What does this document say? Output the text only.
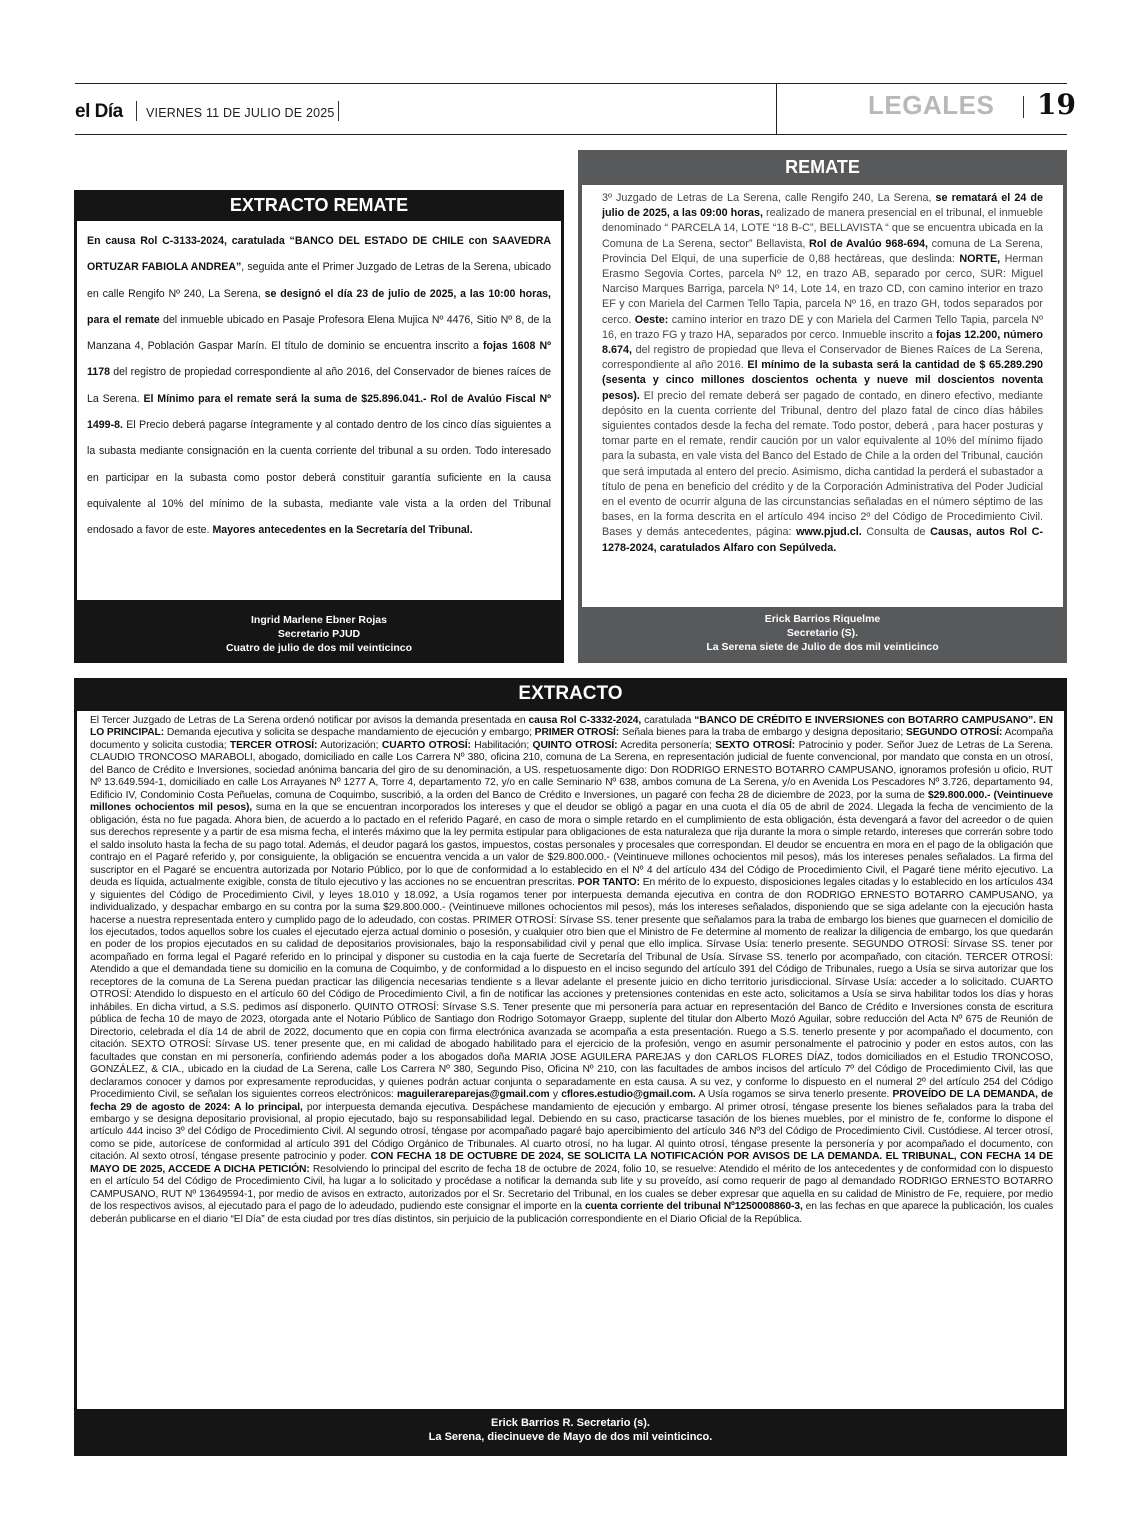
el Día VIERNES 11 DE JULIO DE 2025	LEGALES 19
EXTRACTO REMATE
En causa Rol C-3133-2024, caratulada “BANCO DEL ESTADO DE CHILE con SAAVEDRA ORTUZAR FABIOLA ANDREA”, seguida ante el Primer Juzgado de Letras de la Serena, ubicado en calle Rengifo Nº 240, La Serena, se designó el día 23 de julio de 2025, a las 10:00 horas, para el remate del inmueble ubicado en Pasaje Profesora Elena Mujica Nº 4476, Sitio Nº 8, de la Manzana 4, Población Gaspar Marín. El título de dominio se encuentra inscrito a fojas 1608 Nº 1178 del registro de propiedad correspondiente al año 2016, del Conservador de bienes raíces de La Serena. El Mínimo para el remate será la suma de $25.896.041.- Rol de Avalúo Fiscal Nº 1499-8. El Precio deberá pagarse íntegramente y al contado dentro de los cinco días siguientes a la subasta mediante consignación en la cuenta corriente del tribunal a su orden. Todo interesado en participar en la subasta como postor deberá constituir garantía suficiente en la causa equivalente al 10% del mínimo de la subasta, mediante vale vista a la orden del Tribunal endosado a favor de este. Mayores antecedentes en la Secretaría del Tribunal.
Ingrid Marlene Ebner Rojas
Secretario PJUD
Cuatro de julio de dos mil veinticinco
REMATE
3º Juzgado de Letras de La Serena, calle Rengifo 240, La Serena, se rematará el 24 de julio de 2025, a las 09:00 horas, realizado de manera presencial en el tribunal, el inmueble denominado “ PARCELA 14, LOTE “18 B-C”, BELLAVISTA “ que se encuentra ubicada en la Comuna de La Serena, sector” Bellavista, Rol de Avalúo 968-694, comuna de La Serena, Provincia Del Elqui, de una superficie de 0,88 hectáreas, que deslinda: NORTE, Herman Erasmo Segovia Cortes, parcela Nº 12, en trazo AB, separado por cerco, SUR: Miguel Narciso Marques Barriga, parcela Nº 14, Lote 14, en trazo CD, con camino interior en trazo EF y con Mariela del Carmen Tello Tapia, parcela Nº 16, en trazo GH, todos separados por cerco. Oeste: camino interior en trazo DE y con Mariela del Carmen Tello Tapia, parcela Nº 16, en trazo FG y trazo HA, separados por cerco. Inmueble inscrito a fojas 12.200, número 8.674, del registro de propiedad que lleva el Conservador de Bienes Raíces de La Serena, correspondiente al año 2016. El mínimo de la subasta será la cantidad de $ 65.289.290 (sesenta y cinco millones doscientos ochenta y nueve mil doscientos noventa pesos). El precio del remate deberá ser pagado de contado, en dinero efectivo, mediante depósito en la cuenta corriente del Tribunal, dentro del plazo fatal de cinco días hábiles siguientes contados desde la fecha del remate. Todo postor, deberá , para hacer posturas y tomar parte en el remate, rendir caución por un valor equivalente al 10% del mínimo fijado para la subasta, en vale vista del Banco del Estado de Chile a la orden del Tribunal, caución que será imputada al entero del precio. Asimismo, dicha cantidad la perderá el subastador a título de pena en beneficio del crédito y de la Corporación Administrativa del Poder Judicial en el evento de ocurrir alguna de las circunstancias señaladas en el número séptimo de las bases, en la forma descrita en el artículo 494 inciso 2º del Código de Procedimiento Civil. Bases y demás antecedentes, página: www.pjud.cl. Consulta de Causas, autos Rol C-1278-2024, caratulados Alfaro con Sepúlveda.
Erick Barrios Riquelme
Secretario (S).
La Serena siete de Julio de dos mil veinticinco
EXTRACTO
El Tercer Juzgado de Letras de La Serena ordenó notificar por avisos la demanda presentada en causa Rol C-3332-2024, caratulada “BANCO DE CRÉDITO E INVERSIONES con BOTARRO CAMPUSANO”. EN LO PRINCIPAL: Demanda ejecutiva y solicita se despache mandamiento de ejecución y embargo; PRIMER OTROSÍ: Señala bienes para la traba de embargo y designa depositario; SEGUNDO OTROSÍ: Acompaña documento y solicita custodia; TERCER OTROSÍ: Autorización; CUARTO OTROSÍ: Habilitación; QUINTO OTROSÍ: Acredita personería; SEXTO OTROSÍ: Patrocinio y poder. Señor Juez de Letras de La Serena. CLAUDIO TRONCOSO MARABOLI, abogado, domiciliado en calle Los Carrera Nº 380, oficina 210, comuna de La Serena, en representación judicial de fuente convencional, por mandato que consta en un otrosí, del Banco de Crédito e Inversiones, sociedad anónima bancaria del giro de su denominación, a US. respetuosamente digo: Don RODRIGO ERNESTO BOTARRO CAMPUSANO, ignoramos profesión u oficio, RUT Nº 13.649.594-1, domiciliado en calle Los Arrayanes Nº 1277 A, Torre 4, departamento 72, y/o en calle Seminario Nº 638, ambos comuna de La Serena, y/o en Avenida Los Pescadores Nº 3.726, departamento 94, Edificio IV, Condominio Costa Peñuelas, comuna de Coquimbo, suscribió, a la orden del Banco de Crédito e Inversiones, un pagaré con fecha 28 de diciembre de 2023, por la suma de $29.800.000.- (Veintinueve millones ochocientos mil pesos), suma en la que se encuentran incorporados los intereses y que el deudor se obligó a pagar en una cuota el día 05 de abril de 2024. Llegada la fecha de vencimiento de la obligación, ésta no fue pagada. Ahora bien, de acuerdo a lo pactado en el referido Pagaré, en caso de mora o simple retardo en el cumplimiento de esta obligación, ésta devengará a favor del acreedor o de quien sus derechos represente y a partir de esa misma fecha, el interés máximo que la ley permita estipular para obligaciones de esta naturaleza que rija durante la mora o simple retardo, intereses que correrán sobre todo el saldo insoluto hasta la fecha de su pago total. Además, el deudor pagará los gastos, impuestos, costas personales y procesales que correspondan. El deudor se encuentra en mora en el pago de la obligación que contrajo en el Pagaré referido y, por consiguiente, la obligación se encuentra vencida a un valor de $29.800.000.- (Veintinueve millones ochocientos mil pesos), más los intereses penales señalados. La firma del suscriptor en el Pagaré se encuentra autorizada por Notario Público, por lo que de conformidad a lo establecido en el Nº 4 del artículo 434 del Código de Procedimiento Civil, el Pagaré tiene mérito ejecutivo. La deuda es líquida, actualmente exigible, consta de título ejecutivo y las acciones no se encuentran prescritas. POR TANTO: En mérito de lo expuesto, disposiciones legales citadas y lo establecido en los artículos 434 y siguientes del Código de Procedimiento Civil, y leyes 18.010 y 18.092, a Usía rogamos tener por interpuesta demanda ejecutiva en contra de don RODRIGO ERNESTO BOTARRO CAMPUSANO, ya individualizado, y despachar embargo en su contra por la suma $29.800.000.- (Veintinueve millones ochocientos mil pesos), más los intereses señalados, disponiendo que se siga adelante con la ejecución hasta hacerse a nuestra representada entero y cumplido pago de lo adeudado, con costas. PRIMER OTROSÍ: Sírvase SS. tener presente que señalamos para la traba de embargo los bienes que guarnecen el domicilio de los ejecutados, todos aquellos sobre los cuales el ejecutado ejerza actual dominio o posesión, y cualquier otro bien que el Ministro de Fe determine al momento de realizar la diligencia de embargo, los que quedarán en poder de los propios ejecutados en su calidad de depositarios provisionales, bajo la responsabilidad civil y penal que ello implica. Sírvase Usía: tenerlo presente. SEGUNDO OTROSÍ: Sírvase SS. tener por acompañado en forma legal el Pagaré referido en lo principal y disponer su custodia en la caja fuerte de Secretaría del Tribunal de Usía. Sírvase SS. tenerlo por acompañado, con citación. TERCER OTROSÍ: Atendido a que el demandada tiene su domicilio en la comuna de Coquimbo, y de conformidad a lo dispuesto en el inciso segundo del artículo 391 del Código de Tribunales, ruego a Usía se sirva autorizar que los receptores de la comuna de La Serena puedan practicar las diligencia necesarias tendiente s a llevar adelante el presente juicio en dicho territorio jurisdiccional. Sírvase Usía: acceder a lo solicitado. CUARTO OTROSÍ: Atendido lo dispuesto en el artículo 60 del Código de Procedimiento Civil, a fin de notificar las acciones y pretensiones contenidas en este acto, solicitamos a Usía se sirva habilitar todos los días y horas inhábiles. En dicha virtud, a S.S. pedimos así disponerlo. QUINTO OTROSÍ: Sírvase S.S. Tener presente que mi personería para actuar en representación del Banco de Crédito e Inversiones consta de escritura pública de fecha 10 de mayo de 2023, otorgada ante el Notario Público de Santiago don Rodrigo Sotomayor Graepp, suplente del titular don Alberto Mozó Aguilar, sobre reducción del Acta Nº 675 de Reunión de Directorio, celebrada el día 14 de abril de 2022, documento que en copia con firma electrónica avanzada se acompaña a esta presentación. Ruego a S.S. tenerlo presente y por acompañado el documento, con citación. SEXTO OTROSÍ: Sírvase US. tener presente que, en mi calidad de abogado habilitado para el ejercicio de la profesión, vengo en asumir personalmente el patrocinio y poder en estos autos, con las facultades que constan en mi personería, confiriendo además poder a los abogados doña MARIA JOSE AGUILERA PAREJAS y don CARLOS FLORES DÍAZ, todos domiciliados en el Estudio TRONCOSO, GONZÁLEZ, & CIA., ubicado en la ciudad de La Serena, calle Los Carrera Nº 380, Segundo Piso, Oficina Nº 210, con las facultades de ambos incisos del artículo 7º del Código de Procedimiento Civil, las que declaramos conocer y damos por expresamente reproducidas, y quienes podrán actuar conjunta o separadamente en esta causa. A su vez, y conforme lo dispuesto en el numeral 2º del artículo 254 del Código Procedimiento Civil, se señalan los siguientes correos electrónicos: maguilerareparejas@gmail.com y cflores.estudio@gmail.com. A Usía rogamos se sirva tenerlo presente. PROVEÍDO DE LA DEMANDA, de fecha 29 de agosto de 2024: A lo principal, por interpuesta demanda ejecutiva. Despáchese mandamiento de ejecución y embargo. Al primer otrosí, téngase presente los bienes señalados para la traba del embargo y se designa depositario provisional, al propio ejecutado, bajo su responsabilidad legal. Debiendo en su caso, practicarse tasación de los bienes muebles, por el ministro de fe, conforme lo dispone el artículo 444 inciso 3º del Código de Procedimiento Civil. Al segundo otrosí, téngase por acompañado pagaré bajo apercibimiento del artículo 346 Nº3 del Código de Procedimiento Civil. Custódiese. Al tercer otrosí, como se pide, autorícese de conformidad al artículo 391 del Código Orgánico de Tribunales. Al cuarto otrosí, no ha lugar. Al quinto otrosí, téngase presente la personería y por acompañado el documento, con citación. Al sexto otrosí, téngase presente patrocinio y poder. CON FECHA 18 DE OCTUBRE DE 2024, SE SOLICITA LA NOTIFICACIÓN POR AVISOS DE LA DEMANDA. EL TRIBUNAL, CON FECHA 14 DE MAYO DE 2025, ACCEDE A DICHA PETICIÓN: Resolviendo lo principal del escrito de fecha 18 de octubre de 2024, folio 10, se resuelve: Atendido el mérito de los antecedentes y de conformidad con lo dispuesto en el artículo 54 del Código de Procedimiento Civil, ha lugar a lo solicitado y procédase a notificar la demanda sub lite y su proveído, así como requerir de pago al demandado RODRIGO ERNESTO BOTARRO CAMPUSANO, RUT Nº 13649594-1, por medio de avisos en extracto, autorizados por el Sr. Secretario del Tribunal, en los cuales se deber expresar que aquella en su calidad de Ministro de Fe, requiere, por medio de los respectivos avisos, al ejecutado para el pago de lo adeudado, pudiendo este consignar el importe en la cuenta corriente del tribunal Nº1250008860-3, en las fechas en que aparece la publicación, los cuales deberán publicarse en el diario “El Día” de esta ciudad por tres días distintos, sin perjuicio de la publicación correspondiente en el Diario Oficial de la República.
Erick Barrios R. Secretario (s).
La Serena, diecinueve de Mayo de dos mil veinticinco.
